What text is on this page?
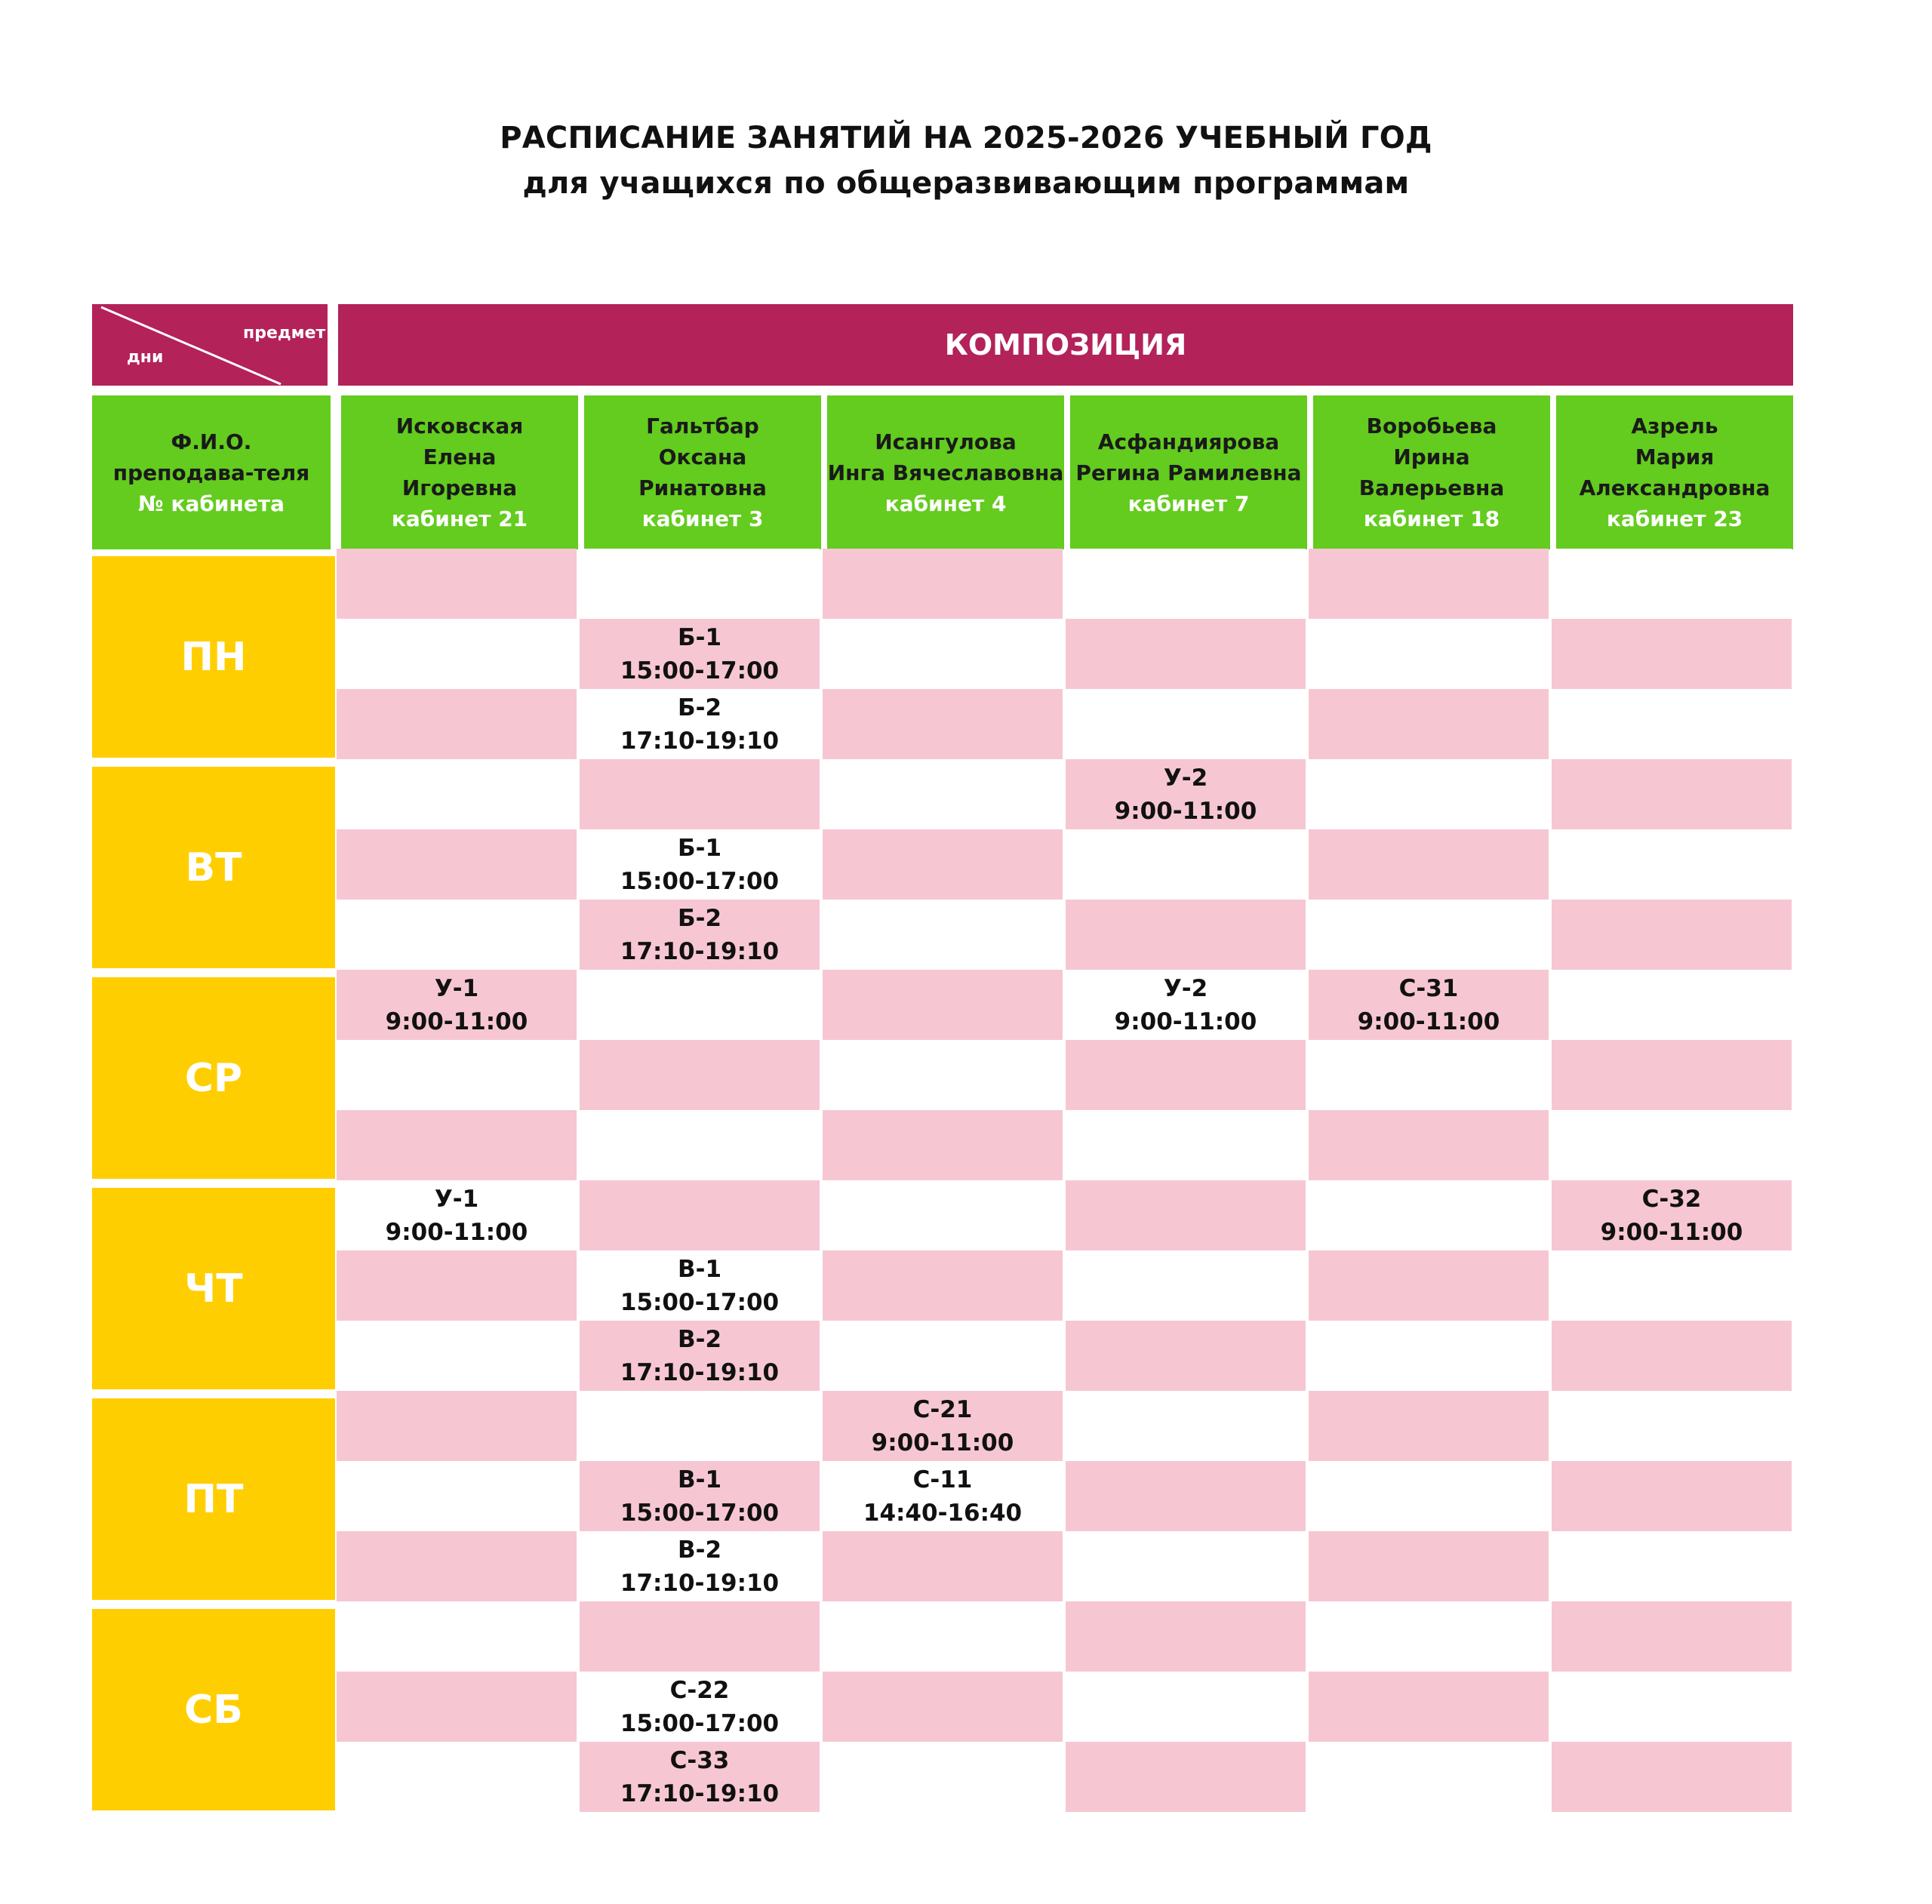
РАСПИСАНИЕ ЗАНЯТИЙ НА 2025-2026 УЧЕБНЫЙ ГОД
для учащихся по общеразвивающим программам
предмет
дни	КОМПОЗИЦИЯ
Ф.И.О.
преподава-теля
№ кабинета
Исковская
Елена
Игоревна
кабинет 21
Гальтбар
Оксана
Ринатовна
кабинет 3
Исангулова
Инга Вячеславовна
кабинет 4
Асфандиярова
Регина Рамилевна
кабинет 7
Воробьева
Ирина
Валерьевна
кабинет 18
Азрель
Мария
Александровна
кабинет 23
ПН
ВТ
СР
ЧТ
ПТ
СБ
Б-1
15:00-17:00
Б-2
17:10-19:10
У-2
9:00-11:00
Б-1
15:00-17:00
Б-2
17:10-19:10
У-1
9:00-11:00
У-2
9:00-11:00
С-31
9:00-11:00
У-1
9:00-11:00
С-32
9:00-11:00
В-1
15:00-17:00
В-2
17:10-19:10
С-21
9:00-11:00
В-1
15:00-17:00
С-11
14:40-16:40
В-2
17:10-19:10
С-22
15:00-17:00
С-33
17:10-19:10
